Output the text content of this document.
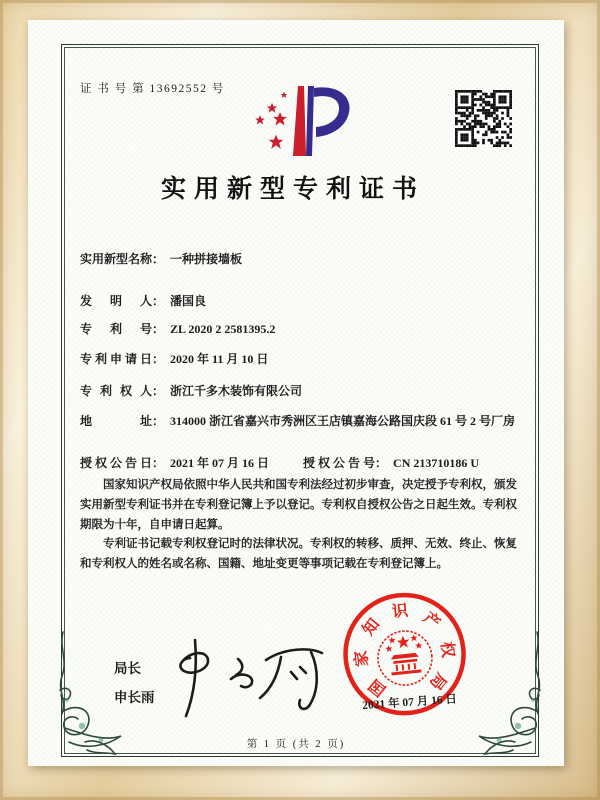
证 书 号 第 13692552 号
实用新型专利证书
实用新型名称 ： 一种拼接墙板
发明人 ： 潘国良
专利号 ： ZL 2020 2 2581395.2
专利申请日 ： 2020 年 11 月 10 日
专利权人 ： 浙江千多木装饰有限公司
地址 ： 314000 浙江省嘉兴市秀洲区王店镇嘉海公路国庆段 61 号 2 号厂房
授权公告日 ： 2021 年 07 月 16 日	授权公告号 ： CN 213710186 U

国家知识产权局依照中华人民共和国专利法经过初步审查，决定授予专利权，颁发实用新型专利证书并在专利登记簿上予以登记。专利权自授权公告之日起生效。专利权期限为十年，自申请日起算。

专利证书记载专利权登记时的法律状况。专利权的转移、质押、无效、终止、恢复和专利权人的姓名或名称、国籍、地址变更等事项记载在专利登记簿上。

局长
申长雨	国
家
知
识 产
权
局
2021 年 07 月 16 日
第 1 页 (共 2 页)
